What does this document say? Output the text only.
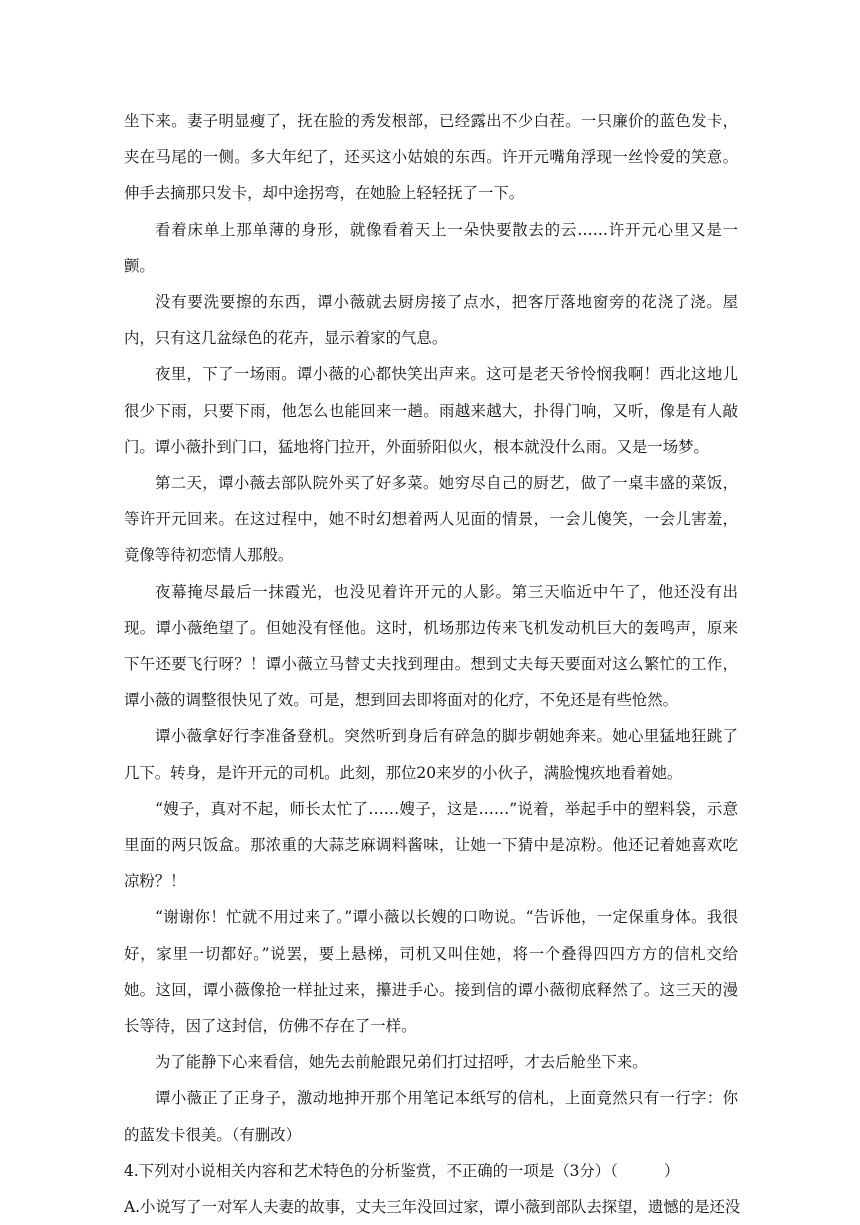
坐下来。妻子明显瘦了，抚在脸的秀发根部，已经露出不少白茬。一只廉价的蓝色发卡，夹在马尾的一侧。多大年纪了，还买这小姑娘的东西。许开元嘴角浮现一丝怜爱的笑意。伸手去摘那只发卡，却中途拐弯，在她脸上轻轻抚了一下。

看着床单上那单薄的身形，就像看着天上一朵快要散去的云……许开元心里又是一颤。

没有要洗要擦的东西，谭小薇就去厨房接了点水，把客厅落地窗旁的花浇了浇。屋内，只有这几盆绿色的花卉，显示着家的气息。

夜里，下了一场雨。谭小薇的心都快笑出声来。这可是老天爷怜悯我啊！西北这地儿很少下雨，只要下雨，他怎么也能回来一趟。雨越来越大，扑得门响，又听，像是有人敲门。谭小薇扑到门口，猛地将门拉开，外面骄阳似火，根本就没什么雨。又是一场梦。

第二天，谭小薇去部队院外买了好多菜。她穷尽自己的厨艺，做了一桌丰盛的菜饭，等许开元回来。在这过程中，她不时幻想着两人见面的情景，一会儿傻笑，一会儿害羞，竟像等待初恋情人那般。

夜幕掩尽最后一抹霞光，也没见着许开元的人影。第三天临近中午了，他还没有出现。谭小薇绝望了。但她没有怪他。这时，机场那边传来飞机发动机巨大的轰鸣声，原来下午还要飞行呀？！谭小薇立马替丈夫找到理由。想到丈夫每天要面对这么繁忙的工作，谭小薇的调整很快见了效。可是，想到回去即将面对的化疗，不免还是有些怆然。

谭小薇拿好行李准备登机。突然听到身后有碎急的脚步朝她奔来。她心里猛地狂跳了几下。转身，是许开元的司机。此刻，那位20来岁的小伙子，满脸愧疚地看着她。

“嫂子，真对不起，师长太忙了……嫂子，这是……”说着，举起手中的塑料袋，示意里面的两只饭盒。那浓重的大蒜芝麻调料酱味，让她一下猜中是凉粉。他还记着她喜欢吃凉粉？！

“谢谢你！忙就不用过来了。”谭小薇以长嫂的口吻说。“告诉他，一定保重身体。我很好，家里一切都好。”说罢，要上悬梯，司机又叫住她，将一个叠得四四方方的信札交给她。这回，谭小薇像抢一样扯过来，攥进手心。接到信的谭小薇彻底释然了。这三天的漫长等待，因了这封信，仿佛不存在了一样。

为了能静下心来看信，她先去前舱跟兄弟们打过招呼，才去后舱坐下来。

谭小薇正了正身子，激动地抻开那个用笔记本纸写的信札，上面竟然只有一行字：你的蓝发卡很美。（有删改）

4.下列对小说相关内容和艺术特色的分析鉴赏，不正确的一项是（3分）（　　　）
A.小说写了一对军人夫妻的故事，丈夫三年没回过家，谭小薇到部队去探望，遗憾的是还没
